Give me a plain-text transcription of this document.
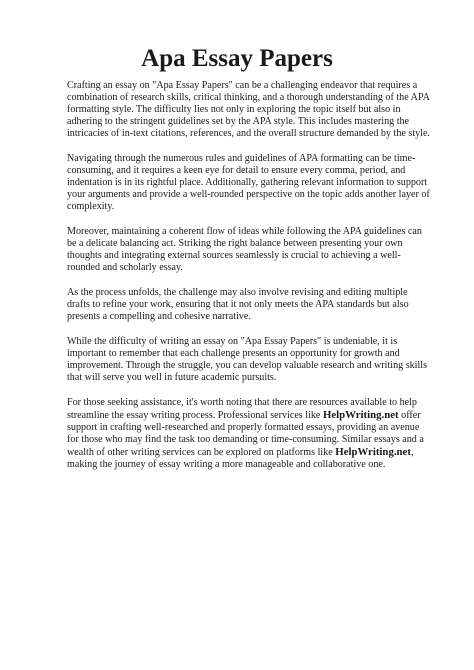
Apa Essay Papers

Crafting an essay on "Apa Essay Papers" can be a challenging endeavor that requires a combination of research skills, critical thinking, and a thorough understanding of the APA formatting style. The difficulty lies not only in exploring the topic itself but also in adhering to the stringent guidelines set by the APA style. This includes mastering the intricacies of in-text citations, references, and the overall structure demanded by the style.

Navigating through the numerous rules and guidelines of APA formatting can be time-consuming, and it requires a keen eye for detail to ensure every comma, period, and indentation is in its rightful place. Additionally, gathering relevant information to support your arguments and provide a well-rounded perspective on the topic adds another layer of complexity.

Moreover, maintaining a coherent flow of ideas while following the APA guidelines can be a delicate balancing act. Striking the right balance between presenting your own thoughts and integrating external sources seamlessly is crucial to achieving a well-rounded and scholarly essay.

As the process unfolds, the challenge may also involve revising and editing multiple drafts to refine your work, ensuring that it not only meets the APA standards but also presents a compelling and cohesive narrative.

While the difficulty of writing an essay on "Apa Essay Papers" is undeniable, it is important to remember that each challenge presents an opportunity for growth and improvement. Through the struggle, you can develop valuable research and writing skills that will serve you well in future academic pursuits.

For those seeking assistance, it's worth noting that there are resources available to help streamline the essay writing process. Professional services like HelpWriting.net offer support in crafting well-researched and properly formatted essays, providing an avenue for those who may find the task too demanding or time-consuming. Similar essays and a wealth of other writing services can be explored on platforms like HelpWriting.net, making the journey of essay writing a more manageable and collaborative one.
